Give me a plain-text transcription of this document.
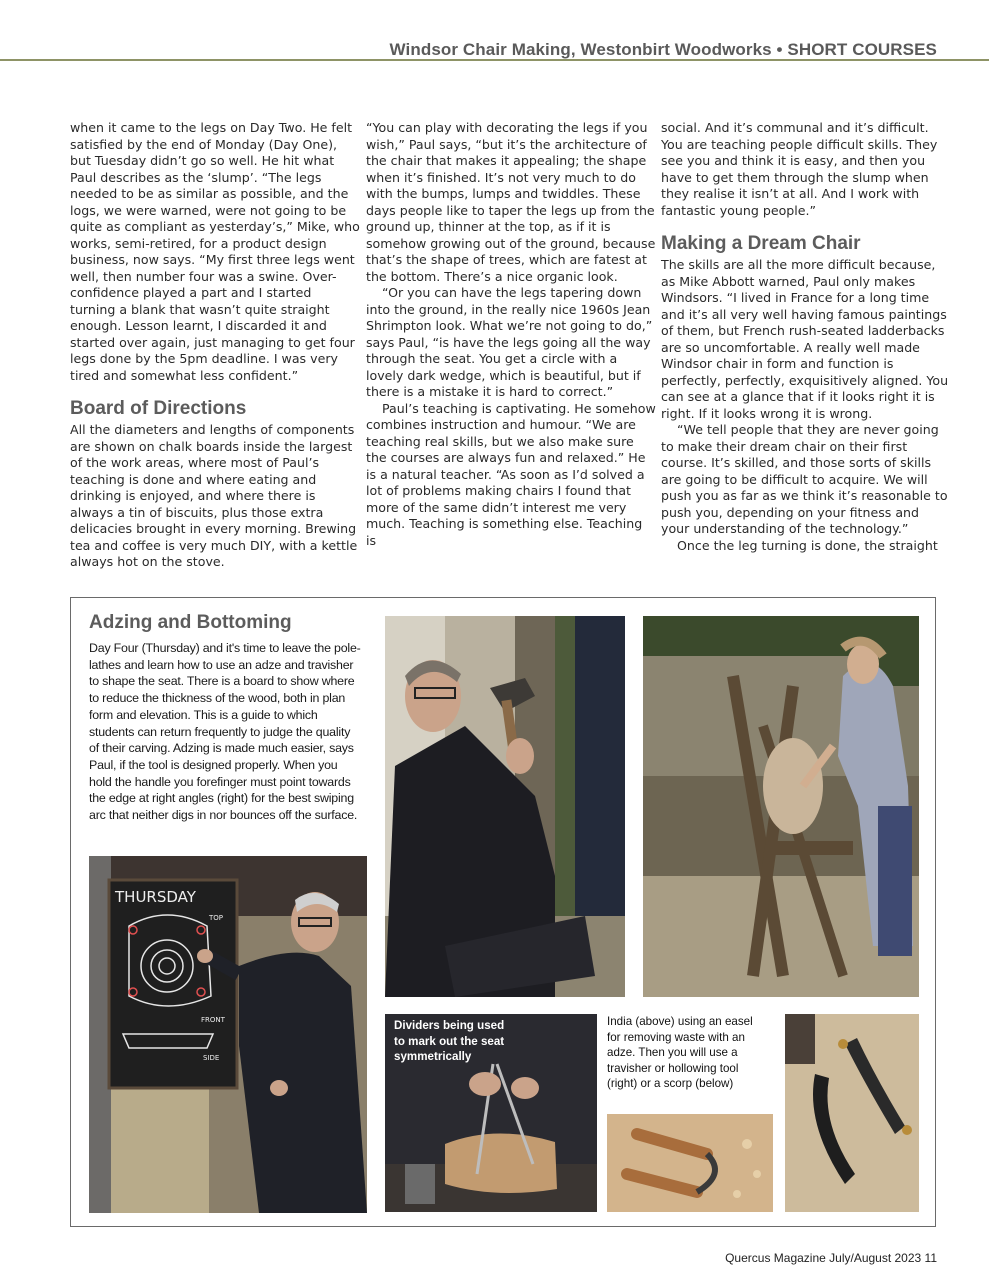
Windsor Chair Making, Westonbirt Woodworks • SHORT COURSES

when it came to the legs on Day Two. He felt satisfied by the end of Monday (Day One), but Tuesday didn’t go so well. He hit what Paul describes as the ‘slump’. “The legs needed to be as similar as possible, and the logs, we were warned, were not going to be quite as compliant as yesterday’s,” Mike, who works, semi-retired, for a product design business, now says. “My first three legs went well, then number four was a swine. Over-confidence played a part and I started turning a blank that wasn’t quite straight enough. Lesson learnt, I discarded it and started over again, just managing to get four legs done by the 5pm deadline. I was very tired and somewhat less confident.”

Board of Directions

All the diameters and lengths of components are shown on chalk boards inside the largest of the work areas, where most of Paul’s teaching is done and where eating and drinking is enjoyed, and where there is always a tin of biscuits, plus those extra delicacies brought in every morning. Brewing tea and coffee is very much DIY, with a kettle always hot on the stove.

“You can play with decorating the legs if you wish,” Paul says, “but it’s the architecture of the chair that makes it appealing; the shape when it’s finished. It’s not very much to do with the bumps, lumps and twiddles. These days people like to taper the legs up from the ground up, thinner at the top, as if it is somehow growing out of the ground, because that’s the shape of trees, which are fatest at the bottom. There’s a nice organic look.

“Or you can have the legs tapering down into the ground, in the really nice 1960s Jean Shrimpton look. What we’re not going to do,” says Paul, “is have the legs going all the way through the seat. You get a circle with a lovely dark wedge, which is beautiful, but if there is a mistake it is hard to correct.”

Paul’s teaching is captivating. He somehow combines instruction and humour. “We are teaching real skills, but we also make sure the courses are always fun and relaxed.” He is a natural teacher. “As soon as I’d solved a lot of problems making chairs I found that more of the same didn’t interest me very much. Teaching is something else. Teaching is

social. And it’s communal and it’s difficult. You are teaching people difficult skills. They see you and think it is easy, and then you have to get them through the slump when they realise it isn’t at all. And I work with fantastic young people.”

Making a Dream Chair

The skills are all the more difficult because, as Mike Abbott warned, Paul only makes Windsors. “I lived in France for a long time and it’s all very well having famous paintings of them, but French rush-seated ladderbacks are so uncomfortable. A really well made Windsor chair in form and function is perfectly, perfectly, exquisitively aligned. You can see at a glance that if it looks right it is right. If it looks wrong it is wrong.

“We tell people that they are never going to make their dream chair on their first course. It’s skilled, and those sorts of skills are going to be difficult to acquire. We will push you as far as we think it’s reasonable to push you, depending on your fitness and your understanding of the technology.”

Once the leg turning is done, the straight

Adzing and Bottoming
Day Four (Thursday) and it's time to leave the pole-lathes and learn how to use an adze and travisher to shape the seat. There is a board to show where to reduce the thickness of the wood, both in plan form and elevation. This is a guide to which students can return frequently to judge the quality of their carving. Adzing is made much easier, says Paul, if the tool is designed properly. When you hold the handle you forefinger must point towards the edge at right angles (right) for the best swiping arc that neither digs in nor bounces off the surface.
THURSDAY
TOP
FRONT
SIDE
Dividers being used to mark out the seat symmetrically
India (above) using an easel for removing waste with an adze. Then you will use a travisher or hollowing tool (right) or a scorp (below)
Quercus Magazine July/August 2023 11
